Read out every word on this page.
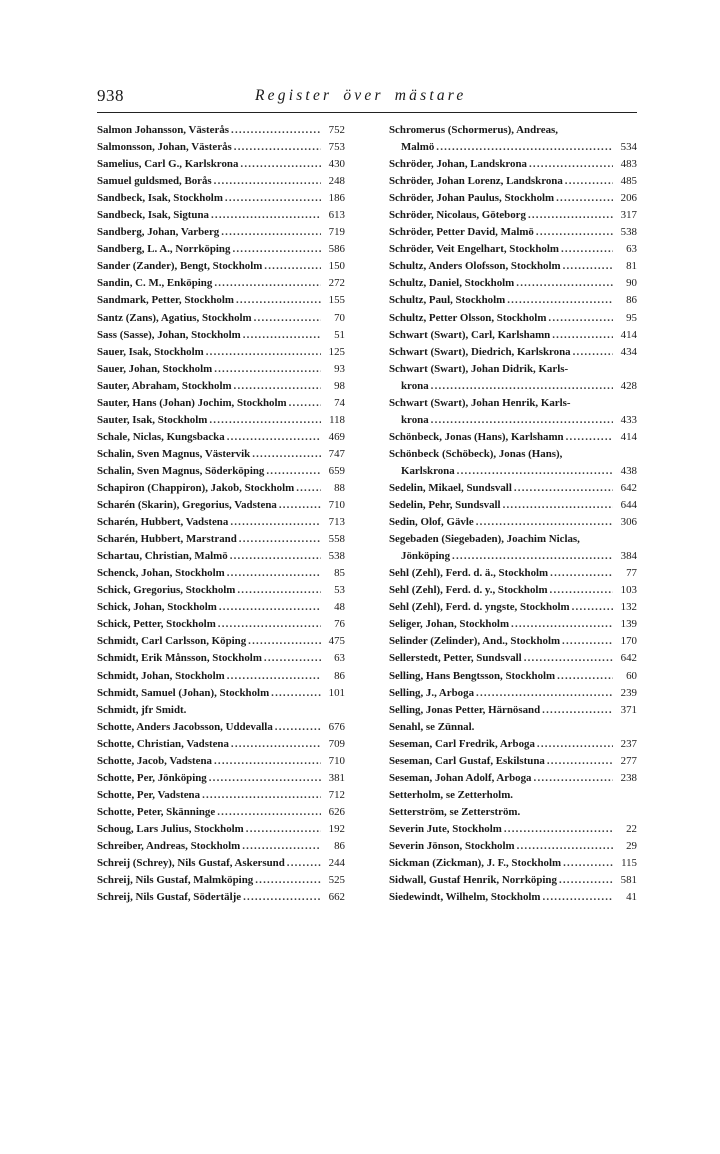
938	Register över mästare
Salmon Johansson, Västerås .....	752
Salmonsson, Johan, Västerås .....	753
Samelius, Carl G., Karlskrona .....	430
Samuel guldsmed, Borås .....	248
Sandbeck, Isak, Stockholm .....	186
Sandbeck, Isak, Sigtuna .....	613
Sandberg, Johan, Varberg .....	719
Sandberg, L. A., Norrköping .....	586
Sander (Zander), Bengt, Stockholm .....	150
Sandin, C. M., Enköping .....	272
Sandmark, Petter, Stockholm .....	155
Santz (Zans), Agatius, Stockholm .....	70
Sass (Sasse), Johan, Stockholm .....	51
Sauer, Isak, Stockholm .....	125
Sauer, Johan, Stockholm .....	93
Sauter, Abraham, Stockholm .....	98
Sauter, Hans (Johan) Jochim, Stockholm .....	74
Sauter, Isak, Stockholm .....	118
Schale, Niclas, Kungsbacka .....	469
Schalin, Sven Magnus, Västervik .....	747
Schalin, Sven Magnus, Söderköping .....	659
Schapiron (Chappiron), Jakob, Stockholm .....	88
Scharén (Skarin), Gregorius, Vadstena .....	710
Scharén, Hubbert, Vadstena .....	713
Scharén, Hubbert, Marstrand .....	558
Schartau, Christian, Malmö .....	538
Schenck, Johan, Stockholm .....	85
Schick, Gregorius, Stockholm .....	53
Schick, Johan, Stockholm .....	48
Schick, Petter, Stockholm .....	76
Schmidt, Carl Carlsson, Köping .....	475
Schmidt, Erik Månsson, Stockholm .....	63
Schmidt, Johan, Stockholm .....	86
Schmidt, Samuel (Johan), Stockholm .....	101
Schmidt, jfr Smidt.
Schotte, Anders Jacobsson, Uddevalla .....	676
Schotte, Christian, Vadstena .....	709
Schotte, Jacob, Vadstena .....	710
Schotte, Per, Jönköping .....	381
Schotte, Per, Vadstena .....	712
Schotte, Peter, Skänninge .....	626
Schoug, Lars Julius, Stockholm .....	192
Schreiber, Andreas, Stockholm .....	86
Schreij (Schrey), Nils Gustaf, Askersund .....	244
Schreij, Nils Gustaf, Malmköping .....	525
Schreij, Nils Gustaf, Södertälje .....	662
Schromerus (Schormerus), Andreas,
Malmö .....	534
Schröder, Johan, Landskrona .....	483
Schröder, Johan Lorenz, Landskrona .....	485
Schröder, Johan Paulus, Stockholm .....	206
Schröder, Nicolaus, Göteborg .....	317
Schröder, Petter David, Malmö .....	538
Schröder, Veit Engelhart, Stockholm .....	63
Schultz, Anders Olofsson, Stockholm .....	81
Schultz, Daniel, Stockholm .....	90
Schultz, Paul, Stockholm .....	86
Schultz, Petter Olsson, Stockholm .....	95
Schwart (Swart), Carl, Karlshamn .....	414
Schwart (Swart), Diedrich, Karlskrona .....	434
Schwart (Swart), Johan Didrik, Karls-
krona .....	428
Schwart (Swart), Johan Henrik, Karls-
krona .....	433
Schönbeck, Jonas (Hans), Karlshamn .....	414
Schönbeck (Schöbeck), Jonas (Hans),
Karlskrona .....	438
Sedelin, Mikael, Sundsvall .....	642
Sedelin, Pehr, Sundsvall .....	644
Sedin, Olof, Gävle .....	306
Segebaden (Siegebaden), Joachim Niclas,
Jönköping .....	384
Sehl (Zehl), Ferd. d. ä., Stockholm .....	77
Sehl (Zehl), Ferd. d. y., Stockholm .....	103
Sehl (Zehl), Ferd. d. yngste, Stockholm .....	132
Seliger, Johan, Stockholm .....	139
Selinder (Zelinder), And., Stockholm .....	170
Sellerstedt, Petter, Sundsvall .....	642
Selling, Hans Bengtsson, Stockholm .....	60
Selling, J., Arboga .....	239
Selling, Jonas Petter, Härnösand .....	371
Senahl, se Zünnal.
Seseman, Carl Fredrik, Arboga .....	237
Seseman, Carl Gustaf, Eskilstuna .....	277
Seseman, Johan Adolf, Arboga .....	238
Setterholm, se Zetterholm.
Setterström, se Zetterström.
Severin Jute, Stockholm .....	22
Severin Jönson, Stockholm .....	29
Sickman (Zickman), J. F., Stockholm .....	115
Sidwall, Gustaf Henrik, Norrköping .....	581
Siedewindt, Wilhelm, Stockholm .....	41
